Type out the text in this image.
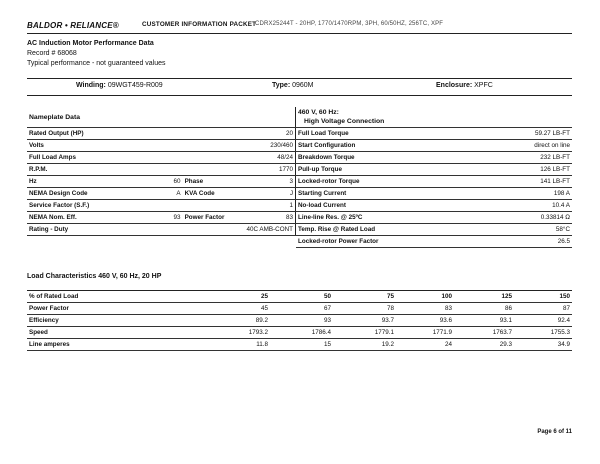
BALDOR • RELIANCE®	CUSTOMER INFORMATION PACKET
CDRX25244T - 20HP, 1770/1470RPM, 3PH, 60/50HZ, 256TC, XPF
AC Induction Motor Performance Data
Record # 68068
Typical performance - not guaranteed values
Winding: 09WGT459-R009	Type: 0960M	Enclosure: XPFC
Nameplate Data			
Rated Output (HP)			20
Volts			230/460
Full Load Amps			48/24
R.P.M.			1770
Hz	60	Phase	3
NEMA Design Code	A	KVA Code	J
Service Factor (S.F.)			1
NEMA Nom. Eff.	93	Power Factor	83
Rating - Duty			40C AMB-CONT
460 V, 60 Hz:
High Voltage Connection	

Full Load Torque	59.27 LB-FT
Start Configuration	direct on line
Breakdown Torque	232 LB-FT
Pull-up Torque	126 LB-FT
Locked-rotor Torque	141 LB-FT
Starting Current	198 A
No-load Current	10.4 A
Line-line Res. @ 25ºC	0.33814 Ω
Temp. Rise @ Rated Load	58°C
Locked-rotor Power Factor	26.5
Load Characteristics 460 V, 60 Hz, 20 HP
% of Rated Load	25	50	75	100	125	150
Power Factor	45	67	78	83	86	87
Efficiency	89.2	93	93.7	93.6	93.1	92.4
Speed	1793.2	1786.4	1779.1	1771.9	1763.7	1755.3
Line amperes	11.8	15	19.2	24	29.3	34.9
Page 6 of 11
